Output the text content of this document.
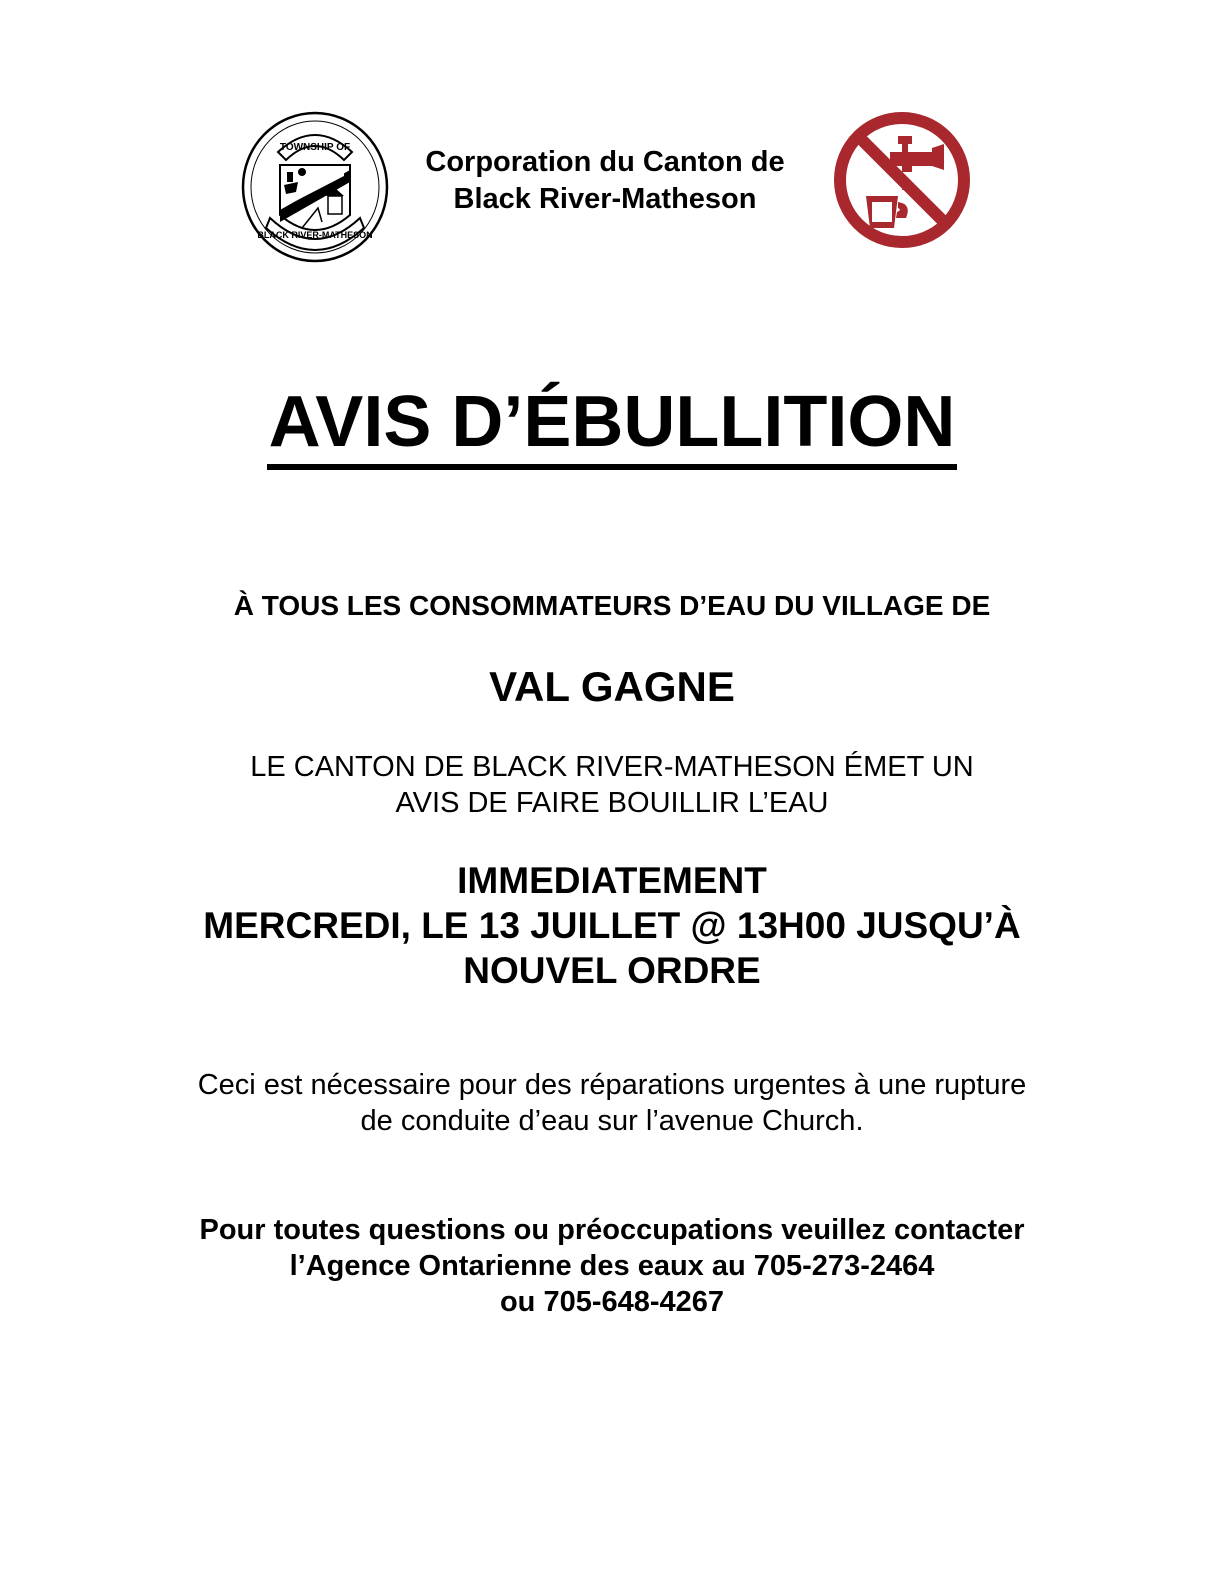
TOWNSHIP OF
BLACK RIVER-MATHESON
Corporation du Canton de
Black River-Matheson
AVIS D’ÉBULLITION
À TOUS LES CONSOMMATEURS D’EAU DU VILLAGE DE
VAL GAGNE
LE CANTON DE BLACK RIVER-MATHESON ÉMET UN
AVIS DE FAIRE BOUILLIR L’EAU
IMMEDIATEMENT
MERCREDI, LE 13 JUILLET @ 13H00 JUSQU’À
NOUVEL ORDRE
Ceci est nécessaire pour des réparations urgentes à une rupture
de conduite d’eau sur l’avenue Church.
Pour toutes questions ou préoccupations veuillez contacter
l’Agence Ontarienne des eaux au 705-273-2464
ou 705-648-4267
